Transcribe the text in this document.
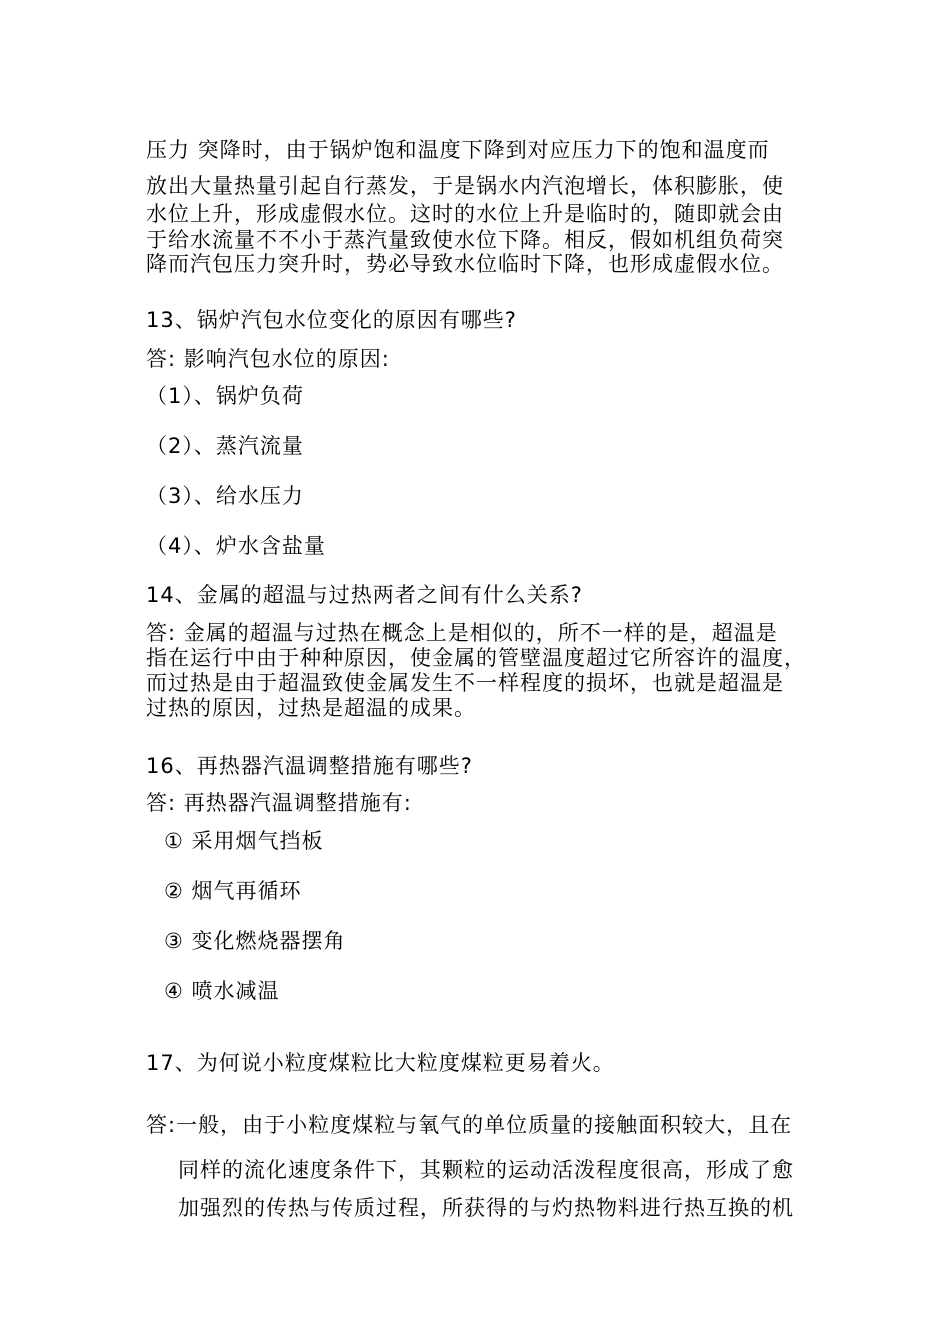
压力 突降时，由于锅炉饱和温度下降到对应压力下的饱和温度而
放出大量热量引起自行蒸发，于是锅水内汽泡增长，体积膨胀，使
水位上升，形成虚假水位。这时的水位上升是临时的，随即就会由
于给水流量不不小于蒸汽量致使水位下降。相反，假如机组负荷突
降而汽包压力突升时，势必导致水位临时下降，也形成虚假水位。
13、锅炉汽包水位变化的原因有哪些?
答: 影响汽包水位的原因:
（1）、锅炉负荷
（2）、蒸汽流量
（3）、给水压力
（4）、炉水含盐量
14、金属的超温与过热两者之间有什么关系?
答: 金属的超温与过热在概念上是相似的，所不一样的是，超温是
指在运行中由于种种原因，使金属的管壁温度超过它所容许的温度，
而过热是由于超温致使金属发生不一样程度的损坏，也就是超温是
过热的原因，过热是超温的成果。
16、再热器汽温调整措施有哪些?
答: 再热器汽温调整措施有:
① 采用烟气挡板
② 烟气再循环
③ 变化燃烧器摆角
④ 喷水减温
17、为何说小粒度煤粒比大粒度煤粒更易着火。
答:一般，由于小粒度煤粒与氧气的单位质量的接触面积较大，且在
同样的流化速度条件下，其颗粒的运动活泼程度很高，形成了愈
加强烈的传热与传质过程，所获得的与灼热物料进行热互换的机
